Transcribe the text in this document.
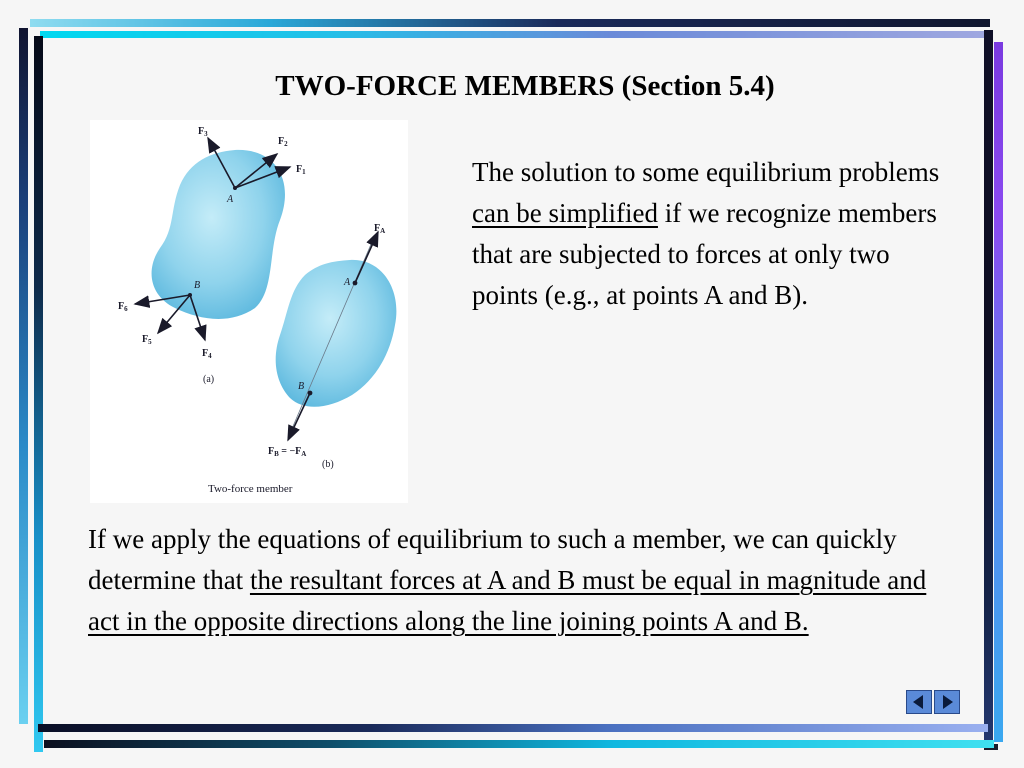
TWO-FORCE MEMBERS (Section 5.4)
$F_3$
$F_2$
$F_1$
A
B
$F_6$
$F_5$
$F_4$
(a)
$F_A$
A
B
$F_B = -F_A$
(b)
Two-force member

The solution to some equilibrium problems can be simplified if we recognize members that are subjected to forces at only two points (e.g., at points A and B).

If we apply the equations of equilibrium to such a member, we can quickly determine that the resultant forces at A and B must be equal in magnitude and act in the opposite directions along the line joining points A and B.
